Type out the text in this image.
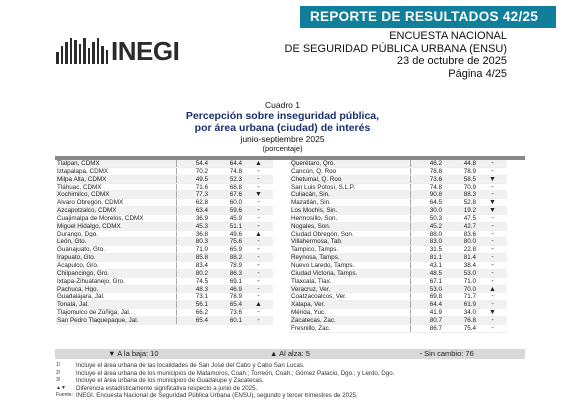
REPORTE DE RESULTADOS 42/25
INEGI	ENCUESTA NACIONAL
DE SEGURIDAD PÚBLICA URBANA (ENSU)
23 de octubre de 2025
Página 4/25
Cuadro 1
Percepción sobre inseguridad pública,
por área urbana (ciudad) de interés
junio-septiembre 2025
(porcentaje)
Tlalpan, CDMX	54.4	64.4	▲
Iztapalapa, CDMX	70.2	74.8	-
Milpa Alta, CDMX	49.5	52.3	-
Tláhuac, CDMX	71.6	68.8	-
Xochimilco, CDMX	77.3	67.6	▼
Álvaro Obregón, CDMX	62.8	60.0	-
Azcapotzalco, CDMX	63.4	59.6	-
Cuajimalpa de Morelos, CDMX	36.9	45.9	-
Miguel Hidalgo, CDMX	45.3	51.1	-
Durango, Dgo.	36.8	49.6	▲
León, Gto.	80.3	75.6	-
Guanajuato, Gto.	71.0	65.9	-
Irapuato, Gto.	85.8	88.2	-
Acapulco, Gro.	83.4	78.9	-
Chilpancingo, Gro.	80.2	86.3	-
Ixtapa-Zihuatanejo, Gro.	74.5	69.1	-
Pachuca, Hgo.	48.3	46.9	-
Guadalajara, Jal.	73.1	78.9	-
Tonalá, Jal.	56.1	65.4	▲
Tlajomulco de Zúñiga, Jal.	66.2	73.6	-
San Pedro Tlaquepaque, Jal.	65.4	60.1	-
Querétaro, Qro.	46.2	44.8	-
Cancún, Q. Roo	78.8	78.9	-
Chetumal, Q. Roo	73.6	58.5	▼
San Luis Potosí, S.L.P.	74.8	70.9	-
Culiacán, Sin.	90.8	88.3	-
Mazatlán, Sin.	64.5	52.8	▼
Los Mochis, Sin.	30.0	19.2	▼
Hermosillo, Son.	50.3	47.5	-
Nogales, Son.	45.2	42.7	-
Ciudad Obregón, Son.	88.0	83.6	-
Villahermosa, Tab.	83.0	80.0	-
Tampico, Tamps.	31.5	22.8	-
Reynosa, Tamps.	81.1	81.4	-
Nuevo Laredo, Tamps.	43.1	38.4	-
Ciudad Victoria, Tamps.	48.5	53.0	-
Tlaxcala, Tlax.	67.1	71.0	-
Veracruz, Ver.	53.0	70.0	▲
Coatzacoalcos, Ver.	69.8	71.7	-
Xalapa, Ver.	64.4	61.9	-
Mérida, Yuc.	41.9	34.0	▼
Zacatecas, Zac.	80.7	76.8	-
Fresnillo, Zac.	86.7	75.4	-
▼ A la baja: 10	▲ Al alza: 5	- Sin cambio: 76
1/	Incluye el área urbana de las localidades de San José del Cabo y Cabo San Lucas.
2/	Incluye el área urbana de los municipios de Matamoros, Coah.; Torreón, Coah.; Gómez Palacio, Dgo.; y Lerdo, Dgo.
3/	Incluye el área urbana de los municipios de Guadalupe y Zacatecas.
▲▼	Diferencia estadísticamente significativa respecto a junio de 2025.
Fuente: INEGI. Encuesta Nacional de Seguridad Pública Urbana (ENSU), segundo y tercer trimestres de 2025.
